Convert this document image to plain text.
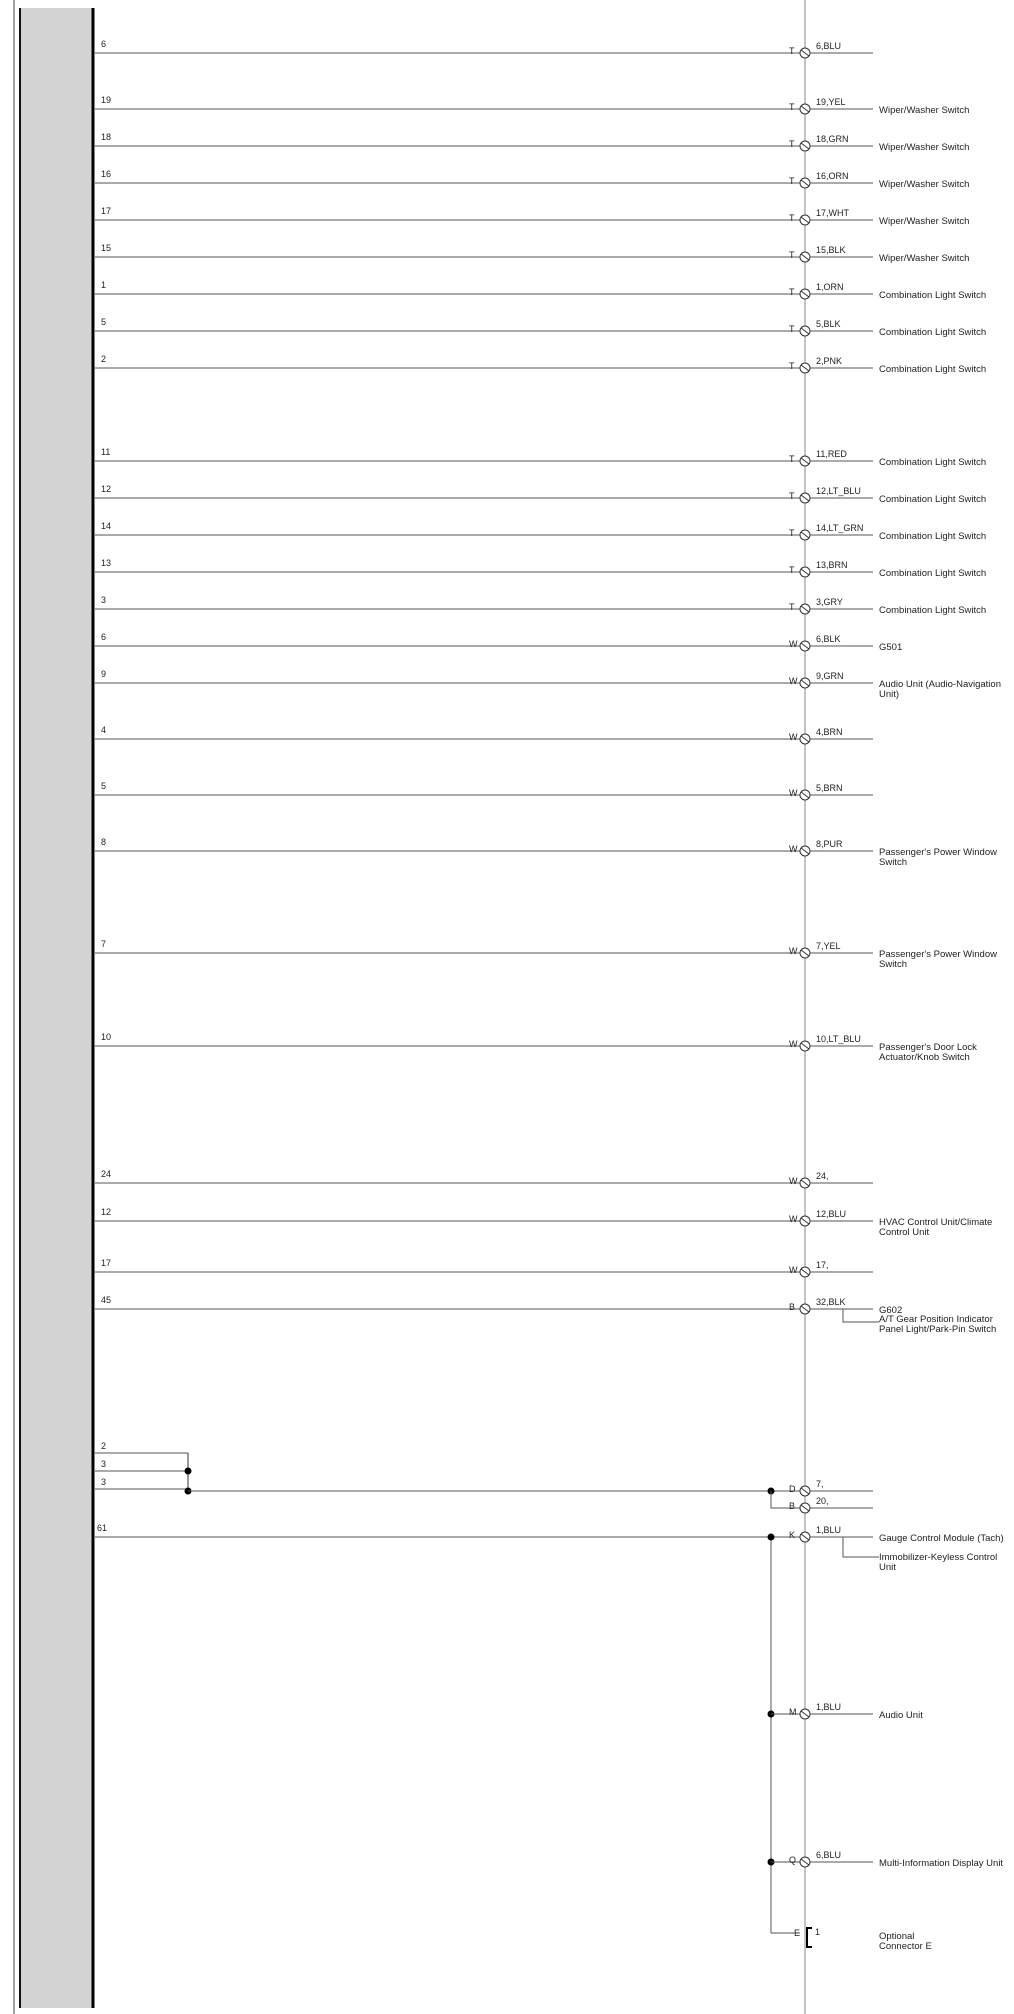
6
T 6,BLU
19
T 19,YEL
Wiper/Washer Switch
18
T 18,GRN
Wiper/Washer Switch
16
T 16,ORN
Wiper/Washer Switch
17
T 17,WHT
Wiper/Washer Switch
15
T 15,BLK
Wiper/Washer Switch
1
T 1,ORN
Combination Light Switch
5
T 5,BLK
Combination Light Switch
2
T 2,PNK
Combination Light Switch
11
T 11,RED
Combination Light Switch
12
T 12,LT_BLU
Combination Light Switch
14
T 14,LT_GRN
Combination Light Switch
13
T 13,BRN
Combination Light Switch
3
T 3,GRY
Combination Light Switch
6
W 6,BLK
G501
9
W 9,GRN
Audio Unit (Audio-Navigation
Unit)
4
W 4,BRN
5
W 5,BRN
8
W 8,PUR
Passenger's Power Window
Switch
7
W 7,YEL
Passenger's Power Window
Switch
10
W 10,LT_BLU
Passenger's Door Lock
Actuator/Knob Switch
24
W 24,
12
W 12,BLU
HVAC Control Unit/Climate
Control Unit
17
W 17,
45
B 32,BLK
G602
A/T Gear Position Indicator
Panel Light/Park-Pin Switch
2
3
3
D 7,
B 20,
61
K 1,BLU
Gauge Control Module (Tach)
Immobilizer-Keyless Control
Unit
M 1,BLU
Audio Unit
Q 6,BLU
Multi-Information Display Unit
E 1	Optional
Connector E
